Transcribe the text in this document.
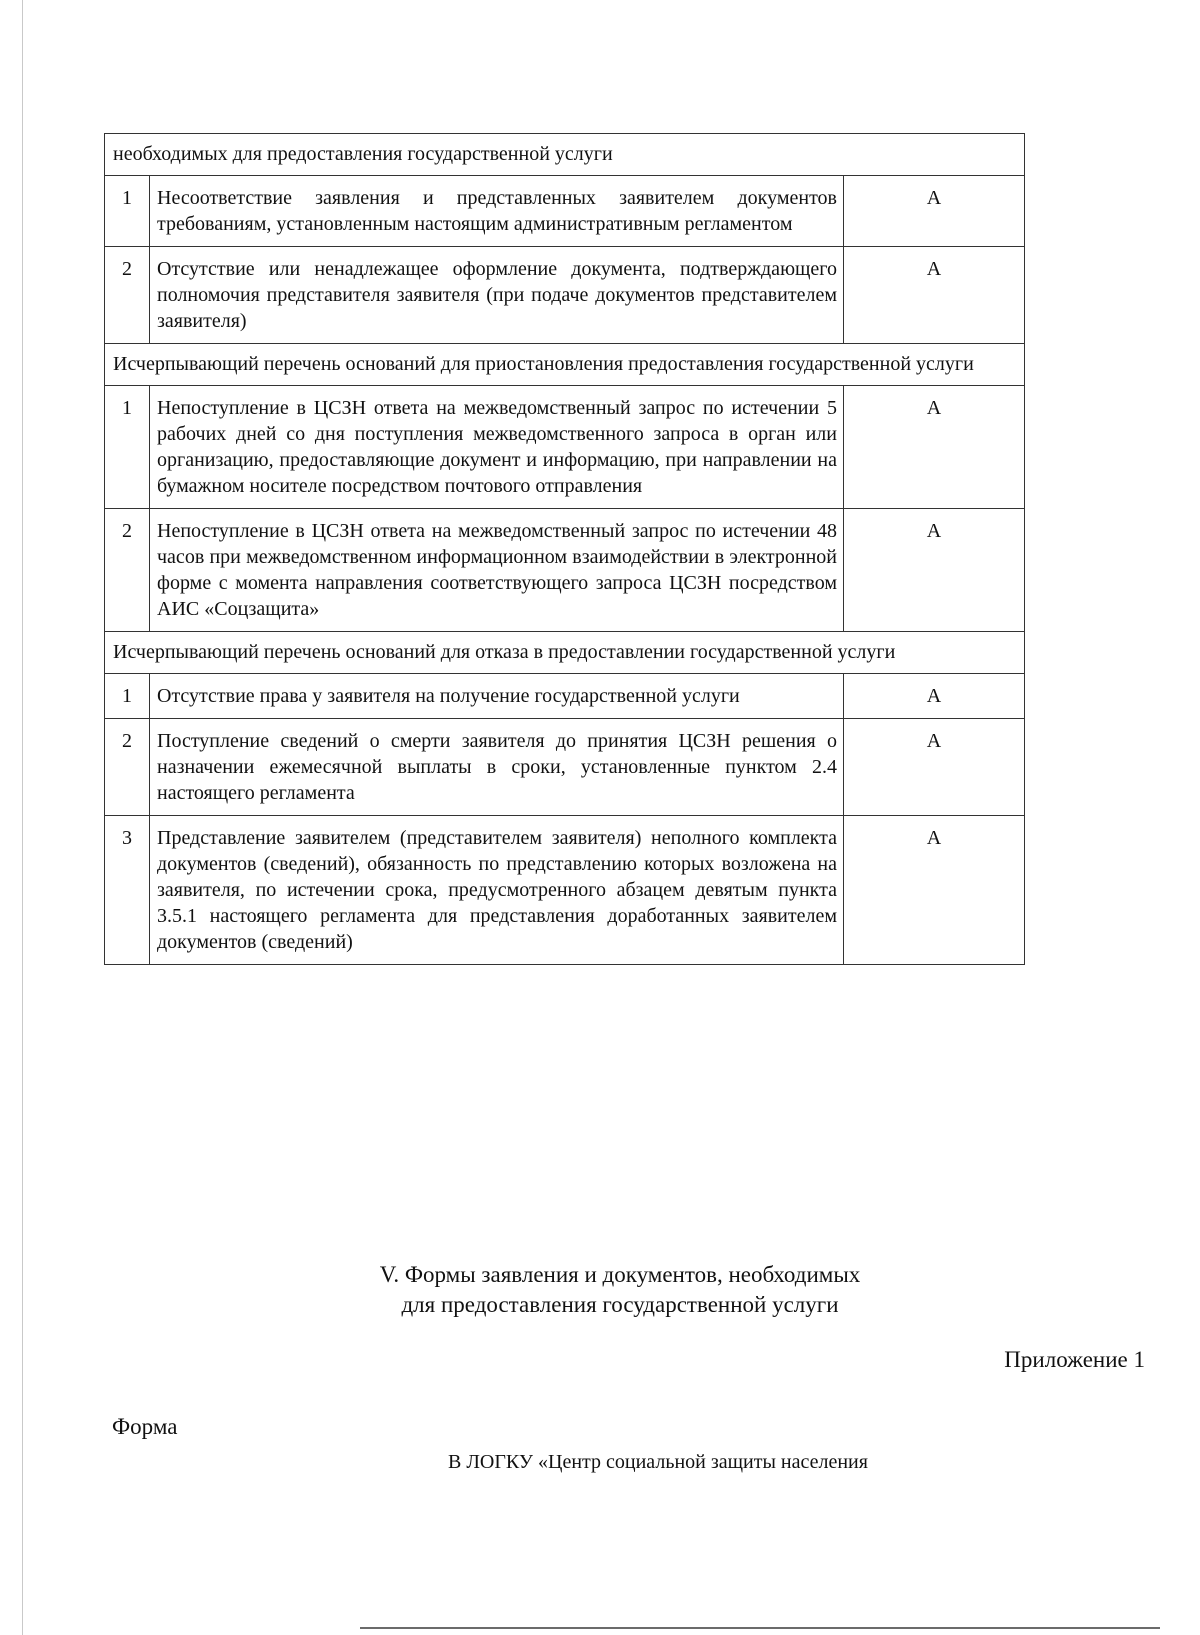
необходимых для предоставления государственной услуги		
1	Несоответствие заявления и представленных заявителем документов требованиям, установленным настоящим административным регламентом	А
2	Отсутствие или ненадлежащее оформление документа, подтверждающего полномочия представителя заявителя (при подаче документов представителем заявителя)	А
Исчерпывающий перечень оснований для приостановления предоставления государственной услуги		
1	Непоступление в ЦСЗН ответа на межведомственный запрос по истечении 5 рабочих дней со дня поступления межведомственного запроса в орган или организацию, предоставляющие документ и информацию, при направлении на бумажном носителе посредством почтового отправления	А
2	Непоступление в ЦСЗН ответа на межведомственный запрос по истечении 48 часов при межведомственном информационном взаимодействии в электронной форме с момента направления соответствующего запроса ЦСЗН посредством АИС «Соцзащита»	А
Исчерпывающий перечень оснований для отказа в предоставлении государственной услуги		
1	Отсутствие права у заявителя на получение государственной услуги	А
2	Поступление сведений о смерти заявителя до принятия ЦСЗН решения о назначении ежемесячной выплаты в сроки, установленные пунктом 2.4 настоящего регламента	А
3	Представление заявителем (представителем заявителя) неполного комплекта документов (сведений), обязанность по представлению которых возложена на заявителя, по истечении срока, предусмотренного абзацем девятым пункта 3.5.1 настоящего регламента для представления доработанных заявителем документов (сведений)	А
V. Формы заявления и документов, необходимых
для предоставления государственной услуги
Приложение 1
Форма
В ЛОГКУ «Центр социальной защиты населения
